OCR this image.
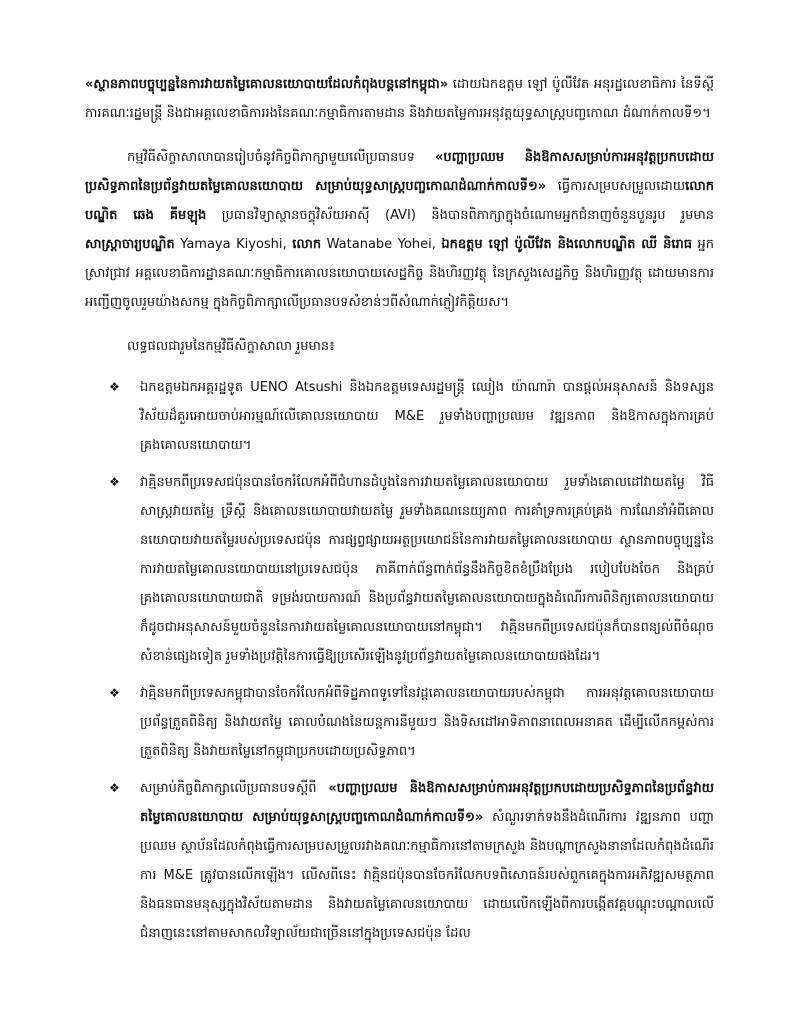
«ស្ថានភាពបច្ចុប្បន្ននៃការវាយតម្លៃគោលនយោបាយដែលកំពុងបន្តនៅកម្ពុជា» ដោយឯកឧត្តម ឡៅ ប៉ូលីវែត អនុរដ្ឋលេខាធិការ នៃទីស្តីការគណៈរដ្ឋមន្ត្រី និងជាអគ្គលេខាធិការរងនៃគណៈកម្មាធិការតាមដាន និងវាយតម្លៃការអនុវត្តយុទ្ធសាស្ត្របញ្ចកោណ ដំណាក់កាលទី១។

កម្មវិធីសិក្ខាសាលាបានរៀបចំនូវកិច្ចពិភាក្សាមួយលើប្រធានបទ «បញ្ហាប្រឈម និងឱកាសសម្រាប់ការអនុវត្តប្រកបដោយប្រសិទ្ធភាពនៃប្រព័ន្ធវាយតម្លៃគោលនយោបាយ សម្រាប់យុទ្ធសាស្ត្របញ្ចកោណដំណាក់កាលទី១» ធ្វើការសម្របសម្រួលដោយលោកបណ្ឌិត ឆេង គីមឡុង ប្រធានវិទ្យាស្ថានចក្ខុវិស័យអាស៊ី (AVI) និងបានពិភាក្សាក្នុងចំណោមអ្នកជំនាញចំនួនបួនរូប រួមមានសាស្ត្រាចារ្យបណ្ឌិត Yamaya Kiyoshi, លោក Watanabe Yohei, ឯកឧត្តម ឡៅ ប៉ូលីវែត និងលោកបណ្ឌិត ឈី និរោធ អ្នកស្រាវជ្រាវ អគ្គលេខាធិការដ្ឋានគណៈកម្មាធិការគោលនយោបាយសេដ្ឋកិច្ច និងហិរញ្ញវត្ថុ នៃក្រសួងសេដ្ឋកិច្ច និងហិរញ្ញវត្ថុ ដោយមានការអញ្ជើញចូលរួមយ៉ាងសកម្ម ក្នុងកិច្ចពិភាក្សាលើប្រធានបទសំខាន់ៗពីសំណាក់ភ្ញៀវកិត្តិយស។

លទ្ធផលជារួមនៃកម្មវិធីសិក្ខាសាលា រួមមាន៖

❖ ឯកឧត្តមឯកអគ្គរដ្ឋទូត UENO Atsushi និងឯកឧត្តមទេសរដ្ឋមន្ត្រី ឈៀង យ៉ាណារ៉ា បានផ្តល់អនុសាសន៍ និងទស្សនវិស័យដ៏គួរអោយចាប់អារម្មណ៍លើគោលនយោបាយ M&E រួមទាំងបញ្ហាប្រឈម វឌ្ឍនភាព និងឱកាសក្នុងការគ្រប់គ្រងគោលនយោបាយ។
❖ វាគ្មិនមកពីប្រទេសជប៉ុនបានចែករំលែកអំពីជំហានដំបូងនៃការវាយតម្លៃគោលនយោបាយ រួមទាំងគោលដៅវាយតម្លៃ វិធីសាស្ត្រវាយតម្លៃ ទ្រឹស្តី និងគោលនយោបាយវាយតម្លៃ រួមទាំងគណនេយ្យភាព ការគាំទ្រការគ្រប់គ្រង ការណែនាំអំពីគោលនយោបាយវាយតម្លៃរបស់ប្រទេសជប៉ុន ការផ្សព្វផ្សាយអត្ថប្រយោជន៍នៃការវាយតម្លៃគោលនយោបាយ ស្ថានភាពបច្ចុប្បន្ននៃការវាយតម្លៃគោលនយោបាយនៅប្រទេសជប៉ុន ភាគីពាក់ព័ន្ធពាក់ព័ន្ធនឹងកិច្ចខិតខំប្រឹងប្រែង របៀបបែងចែក និងគ្រប់គ្រងគោលនយោបាយជាតិ ទម្រង់របាយការណ៍ និងប្រព័ន្ធវាយតម្លៃគោលនយោបាយក្នុងដំណើរការពិនិត្យគោលនយោបាយ ក៏ដូចជាអនុសាសន៍មួយចំនួននៃការវាយតម្លៃគោលនយោបាយនៅកម្ពុជា។ វាគ្មិនមកពីប្រទេសជប៉ុនក៏បានពន្យល់ពីចំណុចសំខាន់ផ្សេងទៀត រួមទាំងប្រវត្តិនៃការធ្វើឱ្យប្រសើរឡើងនូវប្រព័ន្ធវាយតម្លៃគោលនយោបាយផងដែរ។
❖ វាគ្មិនមកពីប្រទេសកម្ពុជាបានចែករំលែកអំពីទិដ្ឋភាពទូទៅនៃវដ្តគោលនយោបាយរបស់កម្ពុជា ការអនុវត្តគោលនយោបាយ ប្រព័ន្ធត្រួតពិនិត្យ និងវាយតម្លៃ គោលបំណងនៃយន្តការនីមួយៗ និងទិសដៅអាទិភាពនាពេលអនាគត ដើម្បីលើកកម្ពស់ការត្រួតពិនិត្យ និងវាយតម្លៃនៅកម្ពុជាប្រកបដោយប្រសិទ្ធភាព។
❖ សម្រាប់កិច្ចពិភាក្សាលើប្រធានបទស្តីពី «បញ្ហាប្រឈម និងឱកាសសម្រាប់ការអនុវត្តប្រកបដោយប្រសិទ្ធភាពនៃប្រព័ន្ធវាយតម្លៃគោលនយោបាយ សម្រាប់យុទ្ធសាស្ត្របញ្ចកោណដំណាក់កាលទី១» សំណួរទាក់ទងនឹងដំណើរការ វឌ្ឍនភាព បញ្ហាប្រឈម ស្ថាប័នដែលកំពុងធ្វើការសម្របសម្រួលរវាងគណៈកម្មាធិការនៅតាមក្រសួង និងបណ្តាក្រសួងនានាដែលកំពុងដំណើរការ M&E ត្រូវបានលើកឡើង។ លើសពីនេះ វាគ្មិនជប៉ុនបានចែករំលែកបទពិសោធន៍របស់ពួកគេក្នុងការអភិវឌ្ឍសមត្ថភាព និងធនធានមនុស្សក្នុងវិស័យតាមដាន និងវាយតម្លៃគោលនយោបាយ ដោយលើកឡើងពីការបង្កើតវគ្គបណ្តុះបណ្តាលលើជំនាញនេះនៅតាមសាកលវិទ្យាល័យជាច្រើននៅក្នុងប្រទេសជប៉ុន ដែល
